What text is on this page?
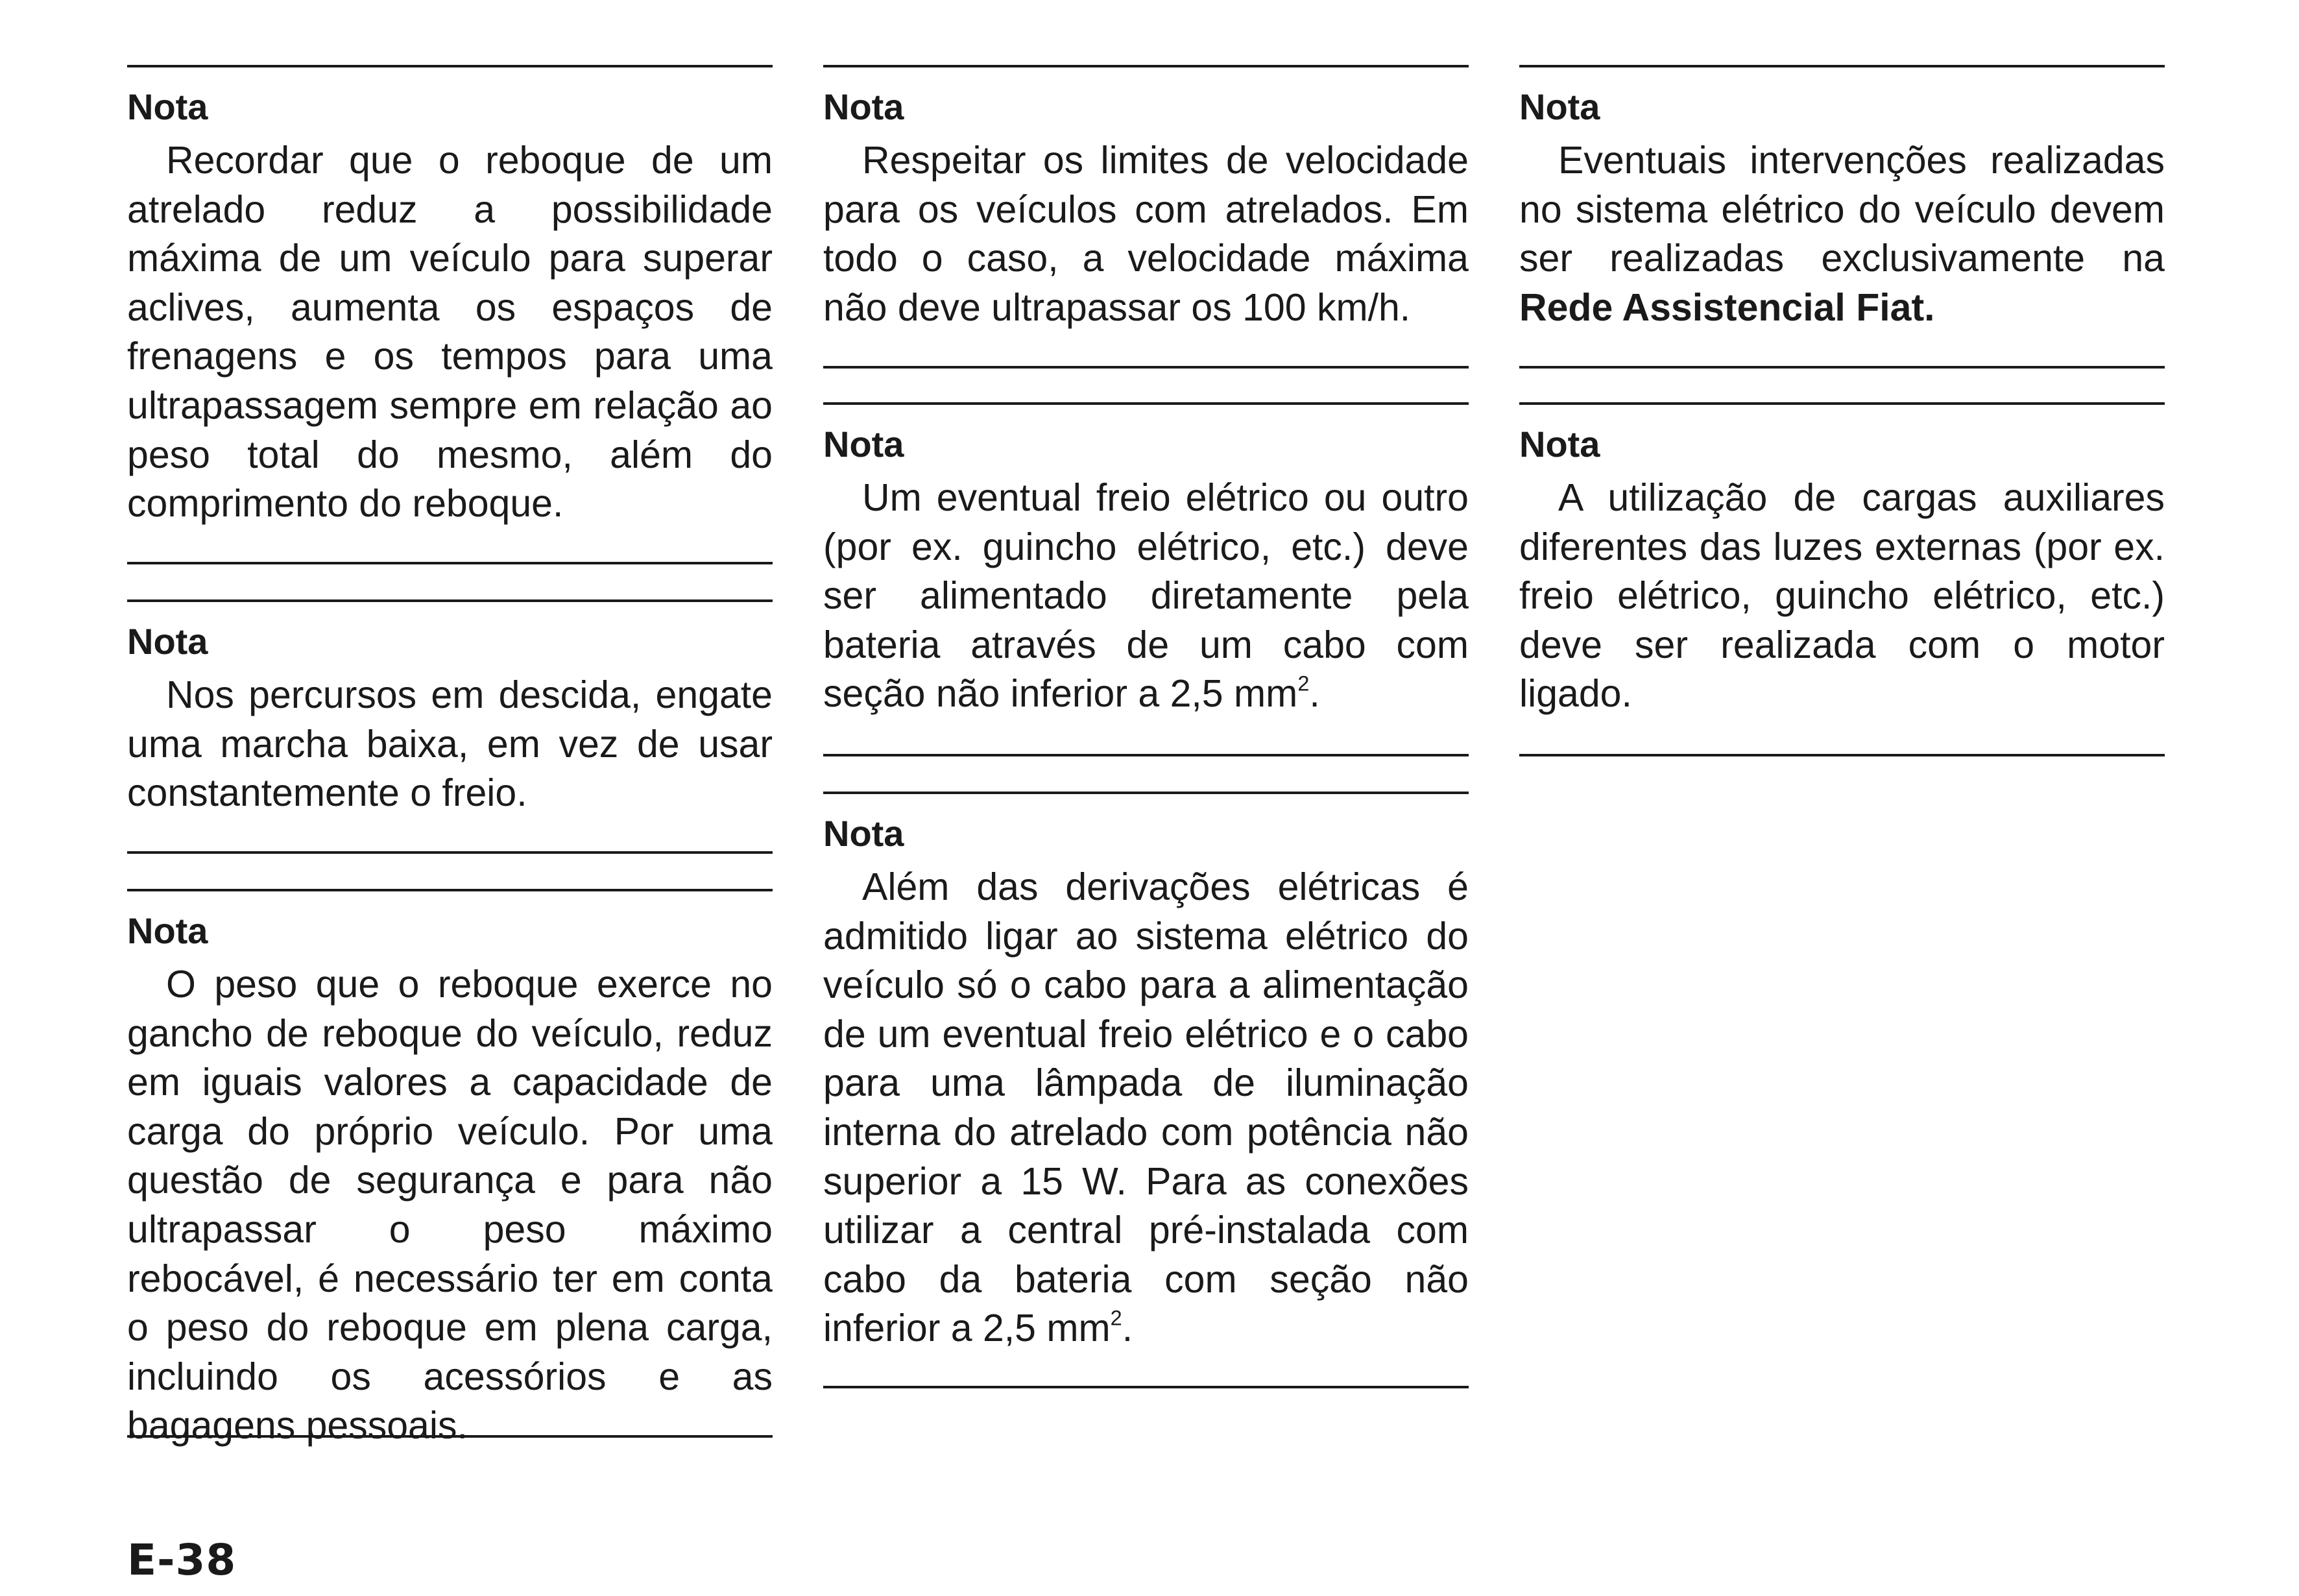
Nota

Recordar que o reboque de um atrelado reduz a possibilidade máxima de um veículo para superar aclives, aumenta os espaços de frenagens e os tempos para uma ultrapassagem sempre em relação ao peso total do mesmo, além do comprimento do reboque.

Nota

Nos percursos em descida, engate uma marcha baixa, em vez de usar constantemente o freio.

Nota

O peso que o reboque exerce no gancho de reboque do veículo, reduz em iguais valores a capacidade de carga do próprio veículo. Por uma questão de segurança e para não ultrapassar o peso máximo rebocável, é necessário ter em conta o peso do reboque em plena carga, incluindo os acessórios e as bagagens pessoais.

Nota

Respeitar os limites de velocidade para os veículos com atrelados. Em todo o caso, a velocidade máxima não deve ultrapassar os 100 km/h.

Nota

Um eventual freio elétrico ou outro (por ex. guincho elétrico, etc.) deve ser alimentado diretamente pela bateria através de um cabo com seção não inferior a 2,5 $mm^2$.

Nota

Além das derivações elétricas é admitido ligar ao sistema elétrico do veículo só o cabo para a alimentação de um eventual freio elétrico e o cabo para uma lâmpada de iluminação interna do atrelado com potência não superior a 15 W. Para as conexões utilizar a central pré-instalada com cabo da bateria com seção não inferior a 2,5 $mm^2$.

Nota

Eventuais intervenções realizadas no sistema elétrico do veículo devem ser realizadas exclusivamente na Rede Assistencial Fiat.

Nota

A utilização de cargas auxiliares diferentes das luzes externas (por ex. freio elétrico, guincho elétrico, etc.) deve ser realizada com o motor ligado.

E-38
